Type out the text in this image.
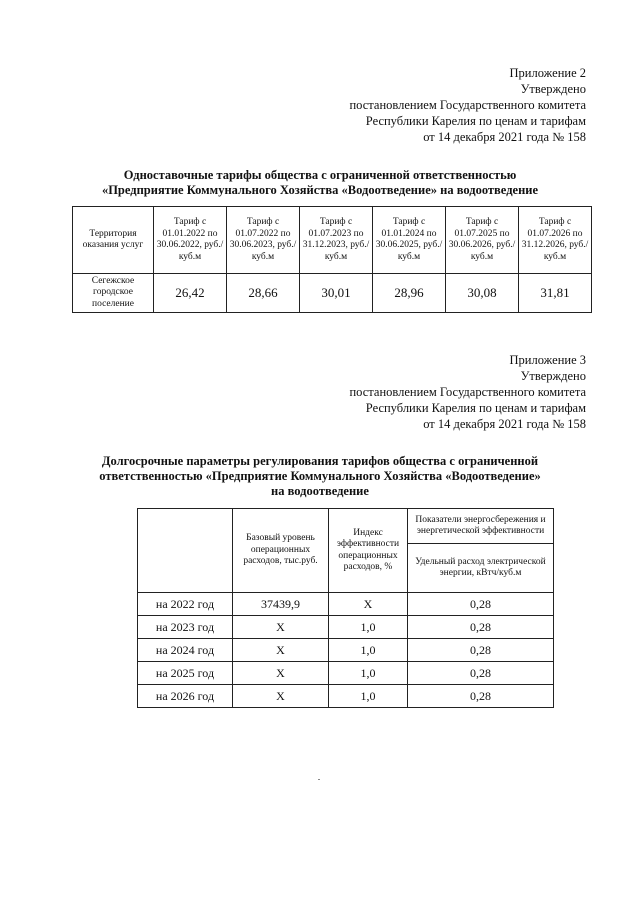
Приложение 2
Утверждено
постановлением Государственного комитета
Республики Карелия по ценам и тарифам
от 14 декабря 2021 года № 158
Одноставочные тарифы общества с ограниченной ответственностью
«Предприятие Коммунального Хозяйства «Водоотведение» на водоотведение
Территория оказания услуг	Тариф с 01.01.2022 по 30.06.2022, руб./куб.м	Тариф с 01.07.2022 по 30.06.2023, руб./куб.м	Тариф с 01.07.2023 по 31.12.2023, руб./куб.м	Тариф с 01.01.2024 по 30.06.2025, руб./куб.м	Тариф с 01.07.2025 по 30.06.2026, руб./куб.м	Тариф с 01.07.2026 по 31.12.2026, руб./куб.м
Сегежское городское поселение	26,42	28,66	30,01	28,96	30,08	31,81
Приложение 3
Утверждено
постановлением Государственного комитета
Республики Карелия по ценам и тарифам
от 14 декабря 2021 года № 158
Долгосрочные параметры регулирования тарифов общества с ограниченной
ответственностью «Предприятие Коммунального Хозяйства «Водоотведение»
на водоотведение
	Базовый уровень операционных расходов, тыс.руб.	Индекс эффективности операционных расходов, %	Показатели энергосбережения и энергетической эффективности
			Удельный расход электрической энергии, кВтч/куб.м
на 2022 год	37439,9	Х	0,28
на 2023 год	Х	1,0	0,28
на 2024 год	Х	1,0	0,28
на 2025 год	Х	1,0	0,28
на 2026 год	Х	1,0	0,28
